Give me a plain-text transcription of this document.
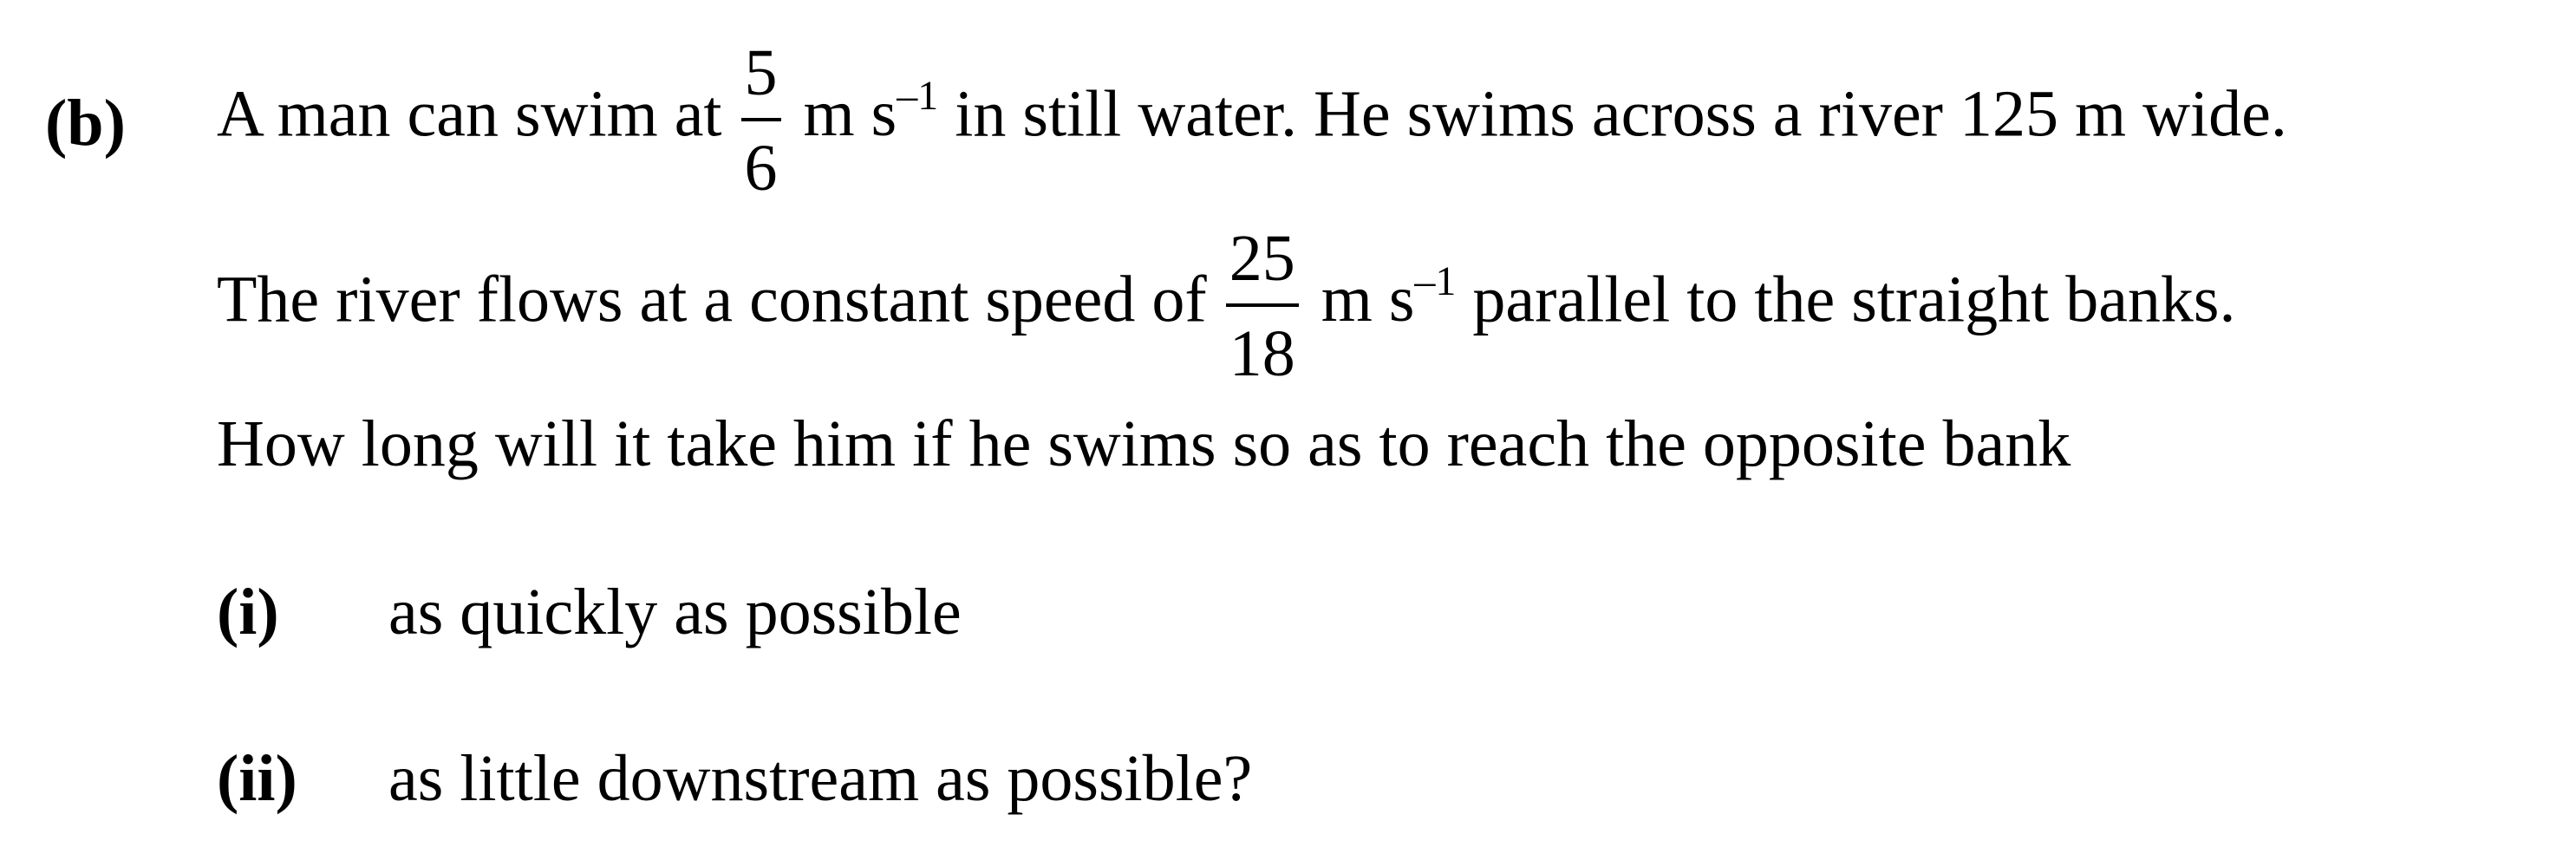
(b) A man can swim at $\frac{5}{6}$ m $s^{-1}$ in still water. He swims across a river 125 m wide.
The river flows at a constant speed of $\frac{25}{18}$ m $s^{-1}$ parallel to the straight banks.
How long will it take him if he swims so as to reach the opposite bank
(i) as quickly as possible
(ii) as little downstream as possible?
